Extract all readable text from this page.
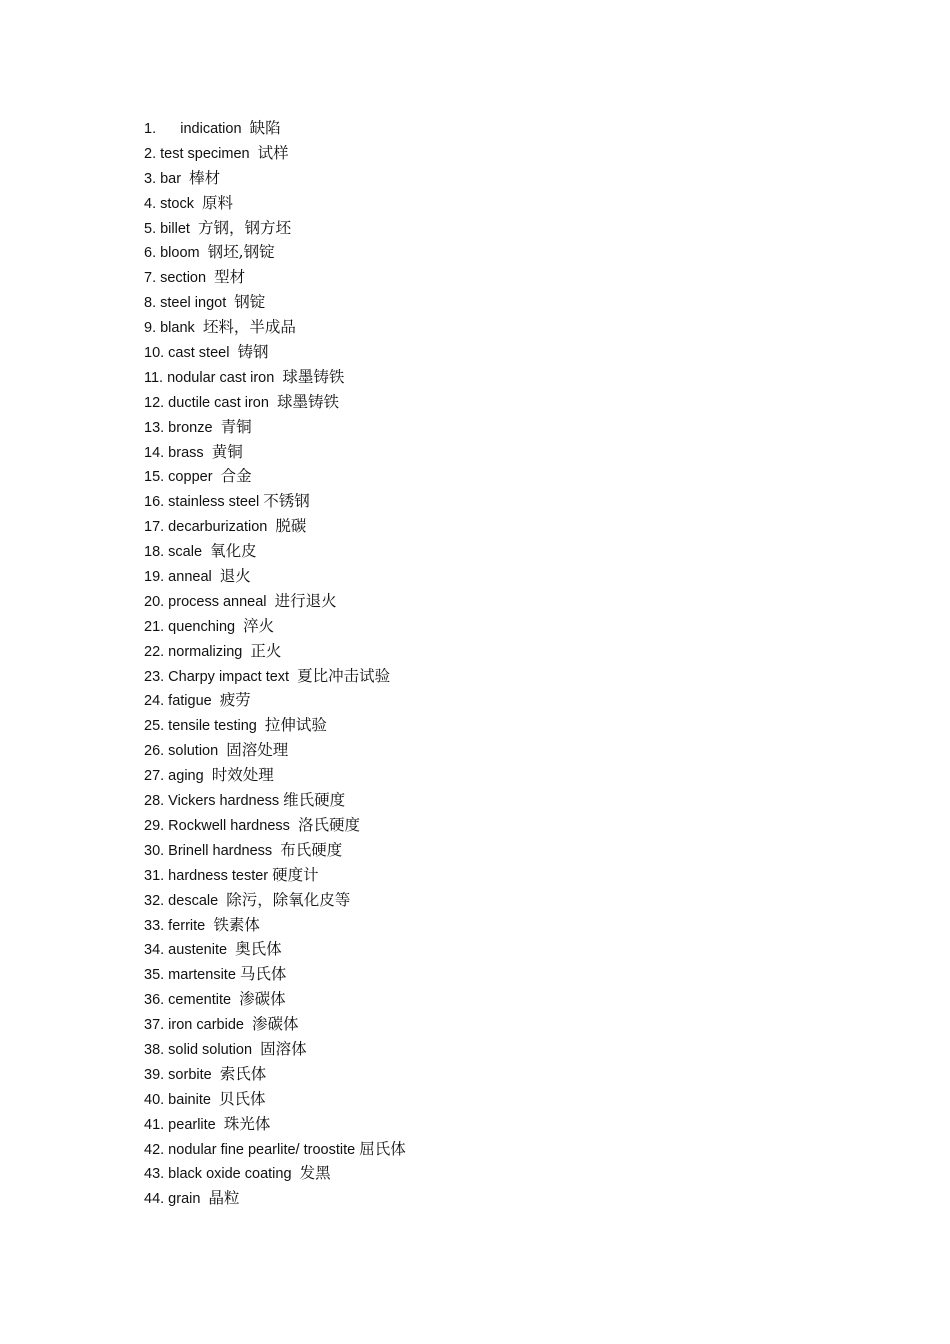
1.      indication  缺陷
2. test specimen  试样
3. bar  棒材
4. stock  原料
5. billet  方钢，钢方坯
6. bloom  钢坯,钢锭
7. section  型材
8. steel ingot  钢锭
9. blank  坯料，半成品
10. cast steel  铸钢
11. nodular cast iron  球墨铸铁
12. ductile cast iron  球墨铸铁
13. bronze  青铜
14. brass  黄铜
15. copper  合金
16. stainless steel 不锈钢
17. decarburization  脱碳
18. scale  氧化皮
19. anneal  退火
20. process anneal  进行退火
21. quenching  淬火
22. normalizing  正火
23. Charpy impact text  夏比冲击试验
24. fatigue  疲劳
25. tensile testing  拉伸试验
26. solution  固溶处理
27. aging  时效处理
28. Vickers hardness 维氏硬度
29. Rockwell hardness  洛氏硬度
30. Brinell hardness  布氏硬度
31. hardness tester 硬度计
32. descale  除污，除氧化皮等
33. ferrite  铁素体
34. austenite  奥氏体
35. martensite 马氏体
36. cementite  渗碳体
37. iron carbide  渗碳体
38. solid solution  固溶体
39. sorbite  索氏体
40. bainite  贝氏体
41. pearlite  珠光体
42. nodular fine pearlite/ troostite 屈氏体
43. black oxide coating  发黑
44. grain  晶粒
